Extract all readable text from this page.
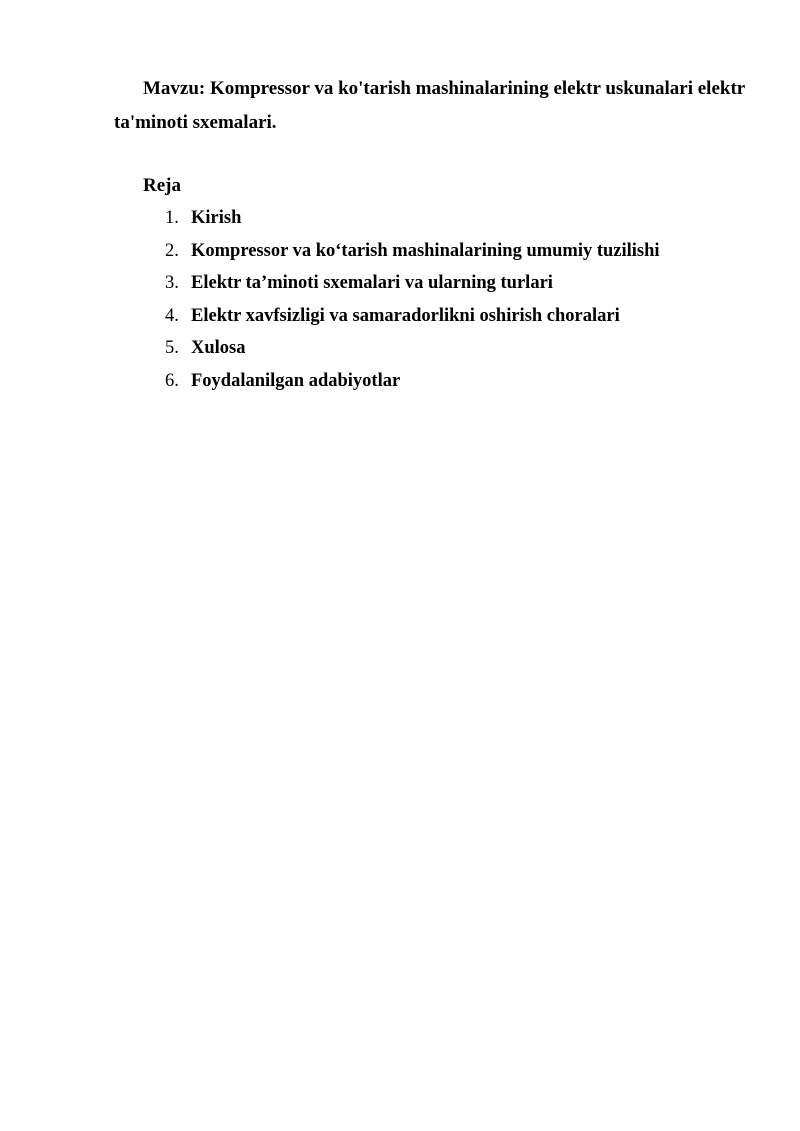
Mavzu: Kompressor va ko'tarish mashinalarining elektr uskunalari elektr ta'minoti sxemalari.

Reja

1. Kirish
2. Kompressor va ko‘tarish mashinalarining umumiy tuzilishi
3. Elektr ta’minoti sxemalari va ularning turlari
4. Elektr xavfsizligi va samaradorlikni oshirish choralari
5. Xulosa
6. Foydalanilgan adabiyotlar
